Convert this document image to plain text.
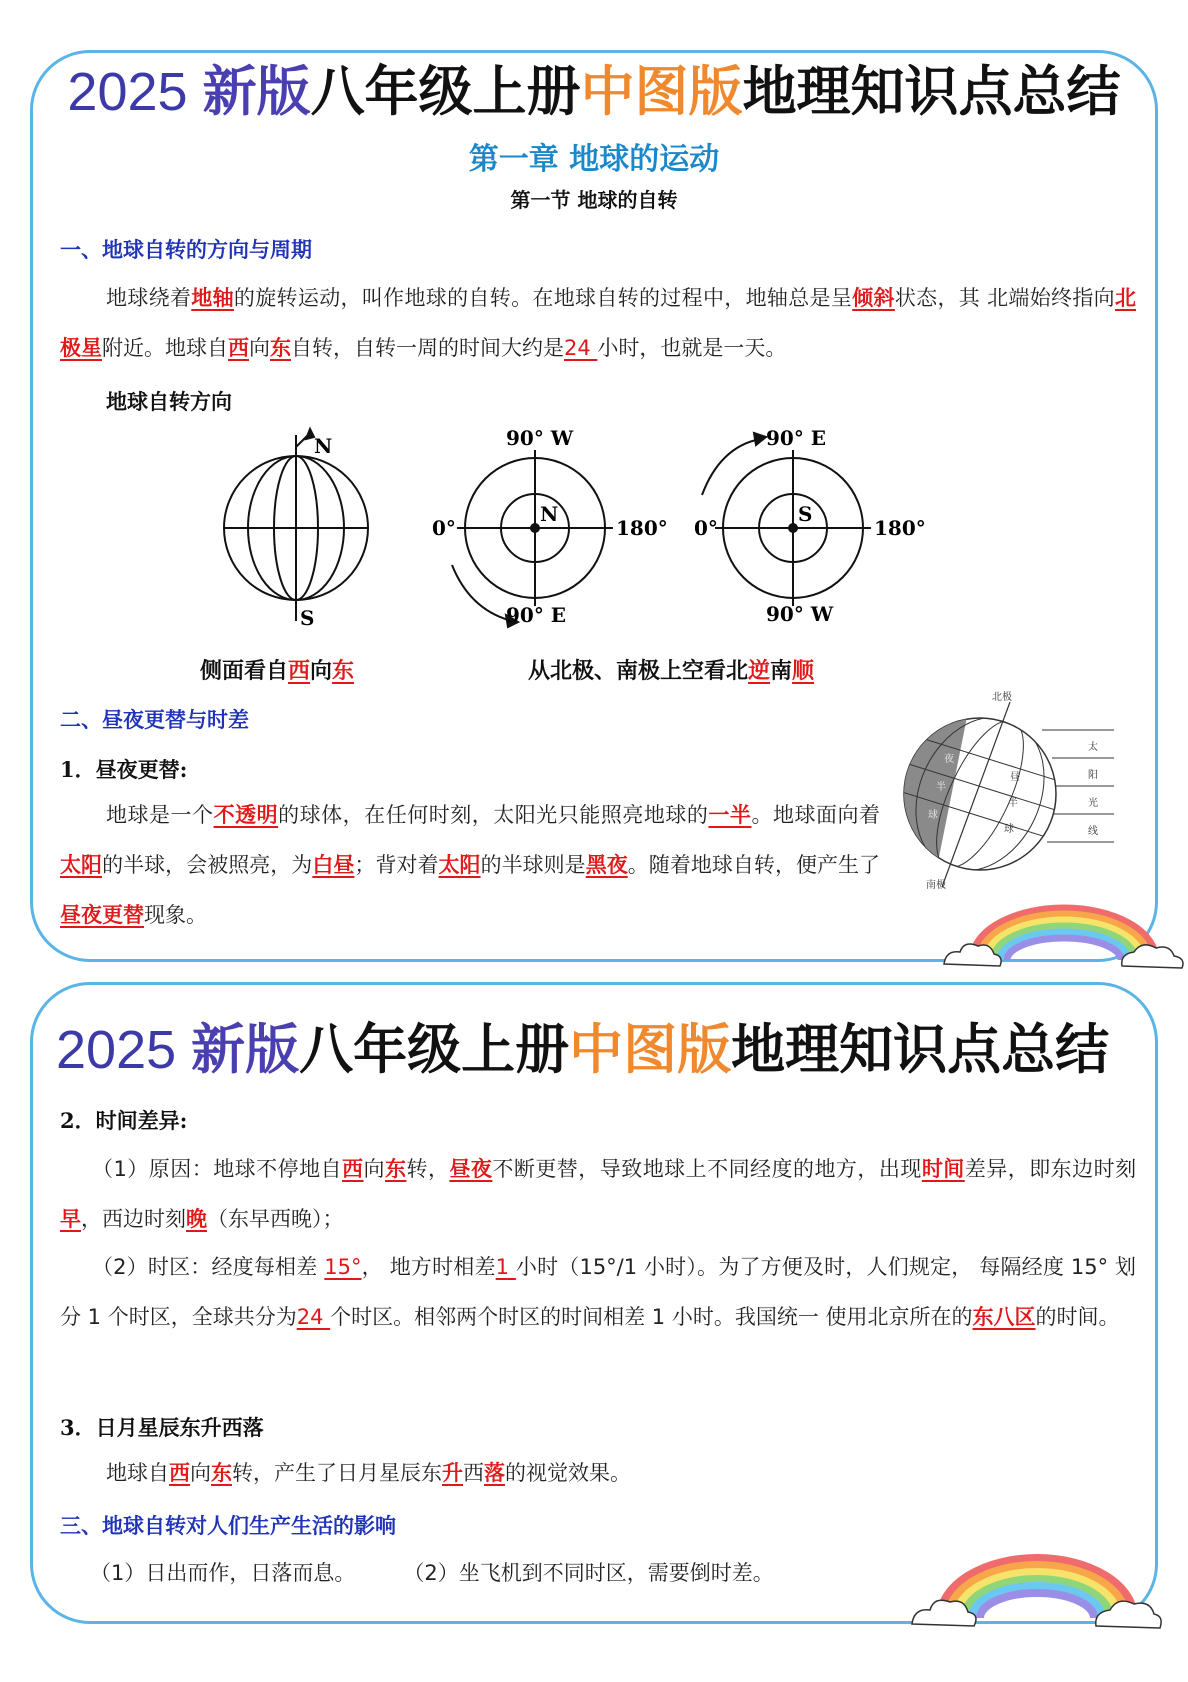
2025 新版八年级上册中图版地理知识点总结
第一章 地球的运动
第一节 地球的自转
一、地球自转的方向与周期
地球绕着地轴的旋转运动，叫作地球的自转。在地球自转的过程中，地轴总是呈倾斜状态，其 北端始终指向北极星附近。地球自西向东自转，自转一周的时间大约是24 小时，也就是一天。
地球自转方向
N
S
N
90° W
0°	180°
90° E
S
90° E
0°	180°
90° W
侧面看自西向东	从北极、南极上空看北逆南顺
二、昼夜更替与时差
1．昼夜更替:
地球是一个不透明的球体，在任何时刻，太阳光只能照亮地球的一半。地球面向着太阳的半球，会被照亮，为白昼；背对着太阳的半球则是黑夜。随着地球自转，便产生了昼夜更替现象。
北极
南极
太
阳
光
线
夜
半
球
昼
半
球
2025 新版八年级上册中图版地理知识点总结
2．时间差异:
（1）原因：地球不停地自西向东转，昼夜不断更替，导致地球上不同经度的地方，出现时间差异，即东边时刻早，西边时刻晚（东早西晚）；
（2）时区：经度每相差 15°， 地方时相差1 小时（15°/1 小时）。为了方便及时，人们规定， 每隔经度 15° 划分 1 个时区，全球共分为24 个时区。相邻两个时区的时间相差 1 小时。我国统一 使用北京所在的东八区的时间。
3．日月星辰东升西落
地球自西向东转，产生了日月星辰东升西落的视觉效果。
三、地球自转对人们生产生活的影响
（1）日出而作，日落而息。 （2）坐飞机到不同时区，需要倒时差。
